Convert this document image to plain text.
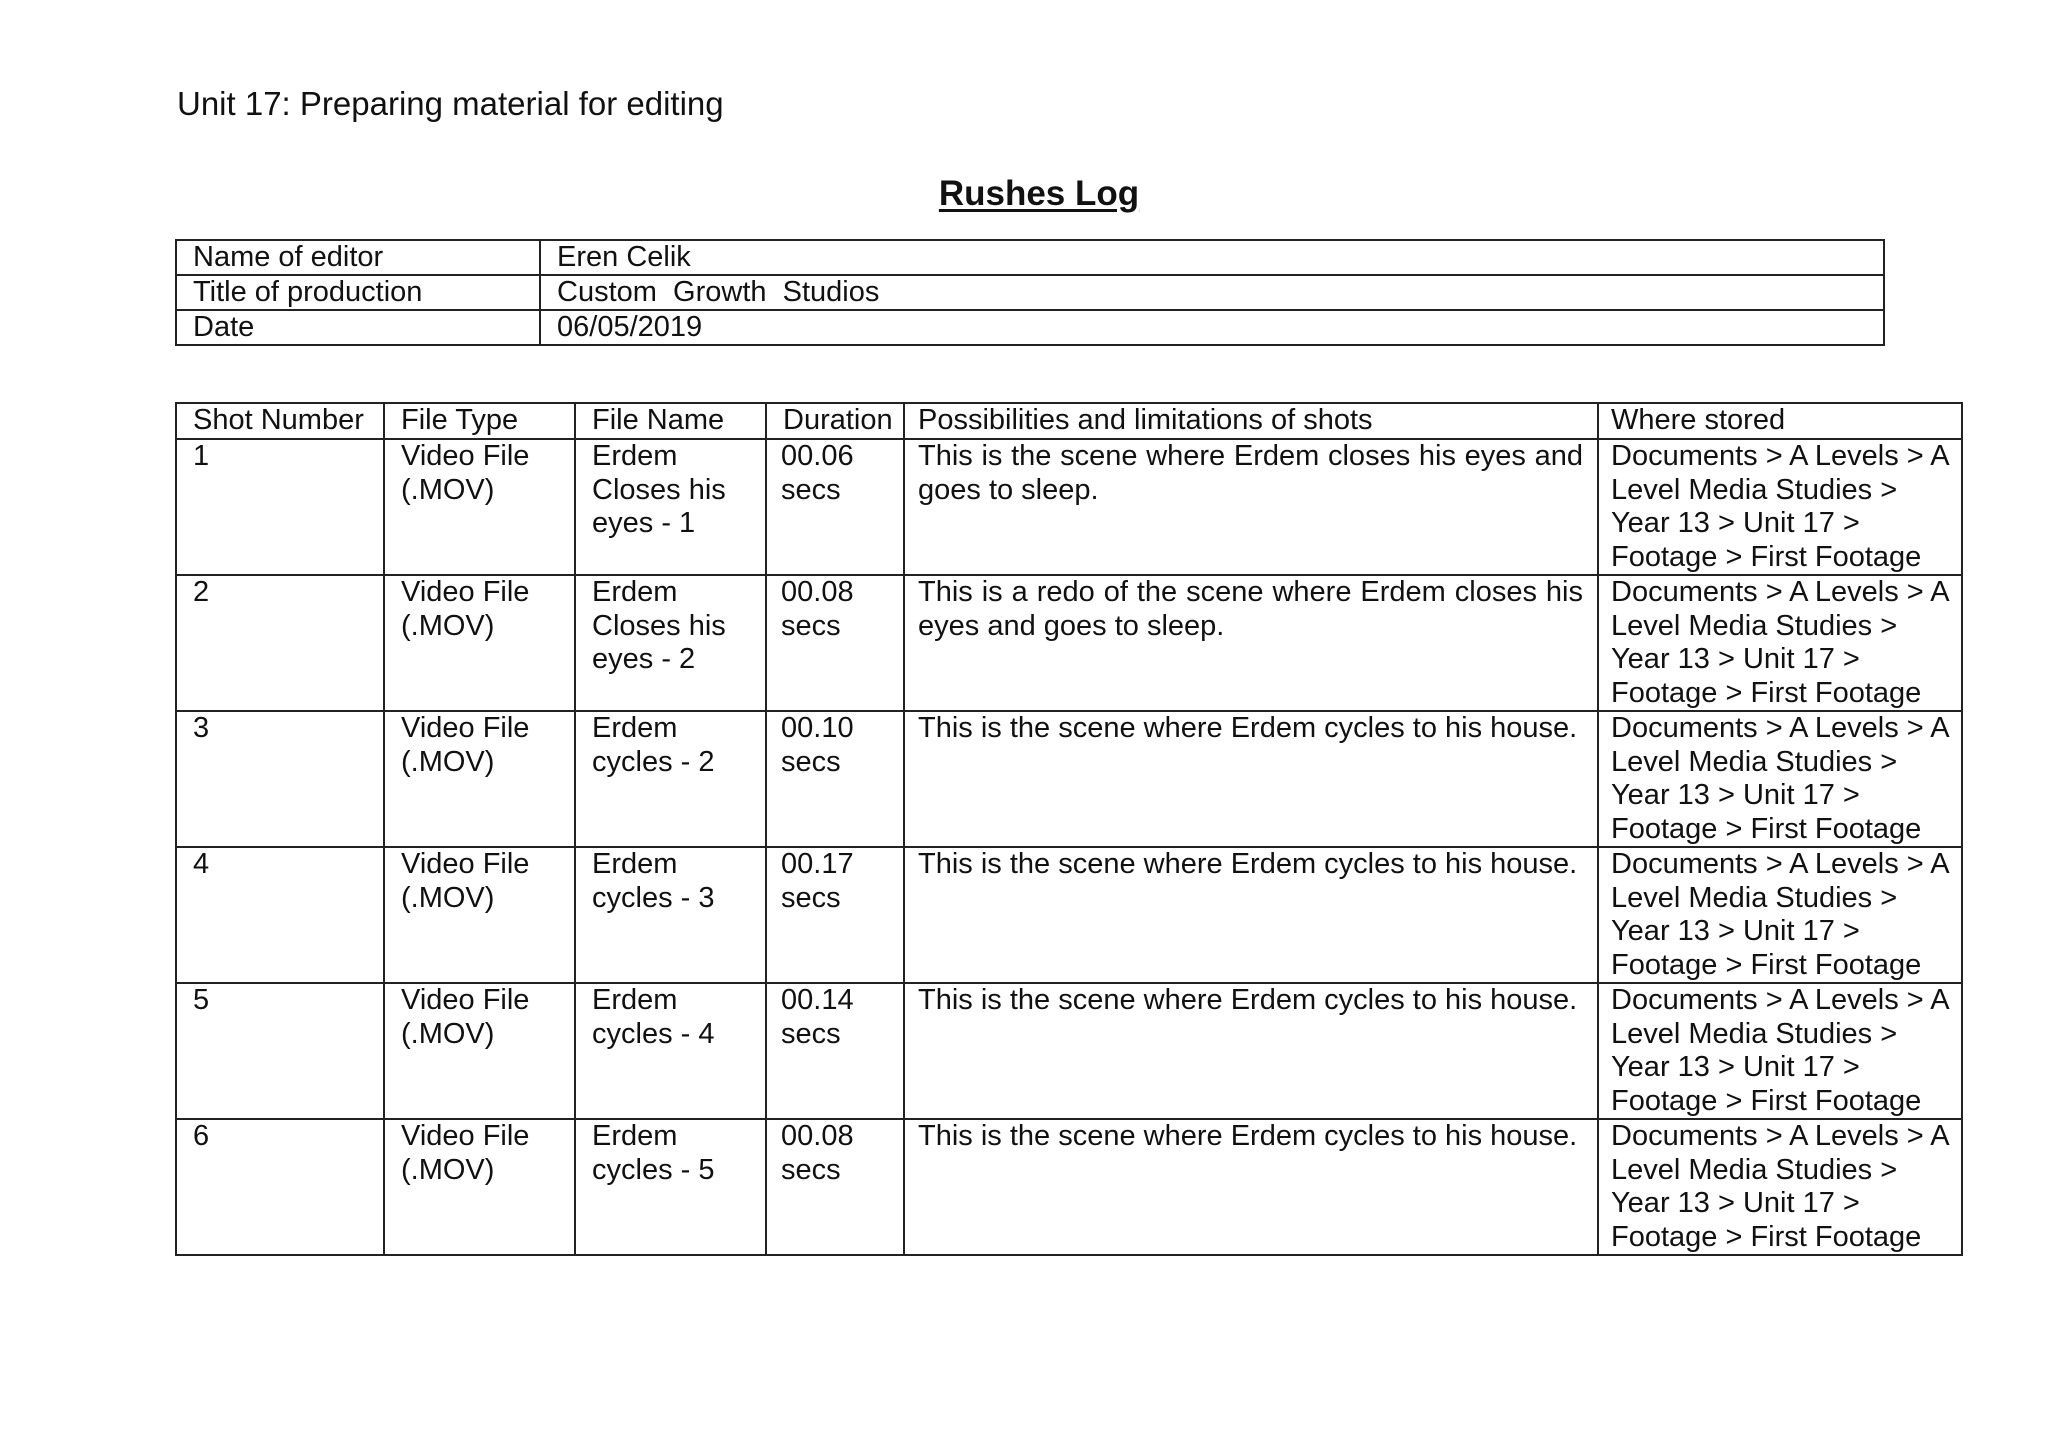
Unit 17: Preparing material for editing
Rushes Log
Name of editor	Eren Celik
Title of production	Custom  Growth  Studios
Date	06/05/2019
Shot Number	File Type	File Name	Duration	Possibilities and limitations of shots	Where stored
1	Video File (.MOV)	Erdem Closes his eyes - 1	00.06 secs	This is the scene where Erdem closes his eyes and goes to sleep.	Documents > A Levels > A Level Media Studies > Year 13 > Unit 17 > Footage > First Footage
2	Video File (.MOV)	Erdem Closes his eyes - 2	00.08 secs	This is a redo of the scene where Erdem closes his eyes and goes to sleep.	Documents > A Levels > A Level Media Studies > Year 13 > Unit 17 > Footage > First Footage
3	Video File (.MOV)	Erdem cycles - 2	00.10 secs	This is the scene where Erdem cycles to his house.	Documents > A Levels > A Level Media Studies > Year 13 > Unit 17 > Footage > First Footage
4	Video File (.MOV)	Erdem cycles - 3	00.17 secs	This is the scene where Erdem cycles to his house.	Documents > A Levels > A Level Media Studies > Year 13 > Unit 17 > Footage > First Footage
5	Video File (.MOV)	Erdem cycles - 4	00.14 secs	This is the scene where Erdem cycles to his house.	Documents > A Levels > A Level Media Studies > Year 13 > Unit 17 > Footage > First Footage
6	Video File (.MOV)	Erdem cycles - 5	00.08 secs	This is the scene where Erdem cycles to his house.	Documents > A Levels > A Level Media Studies > Year 13 > Unit 17 > Footage > First Footage
